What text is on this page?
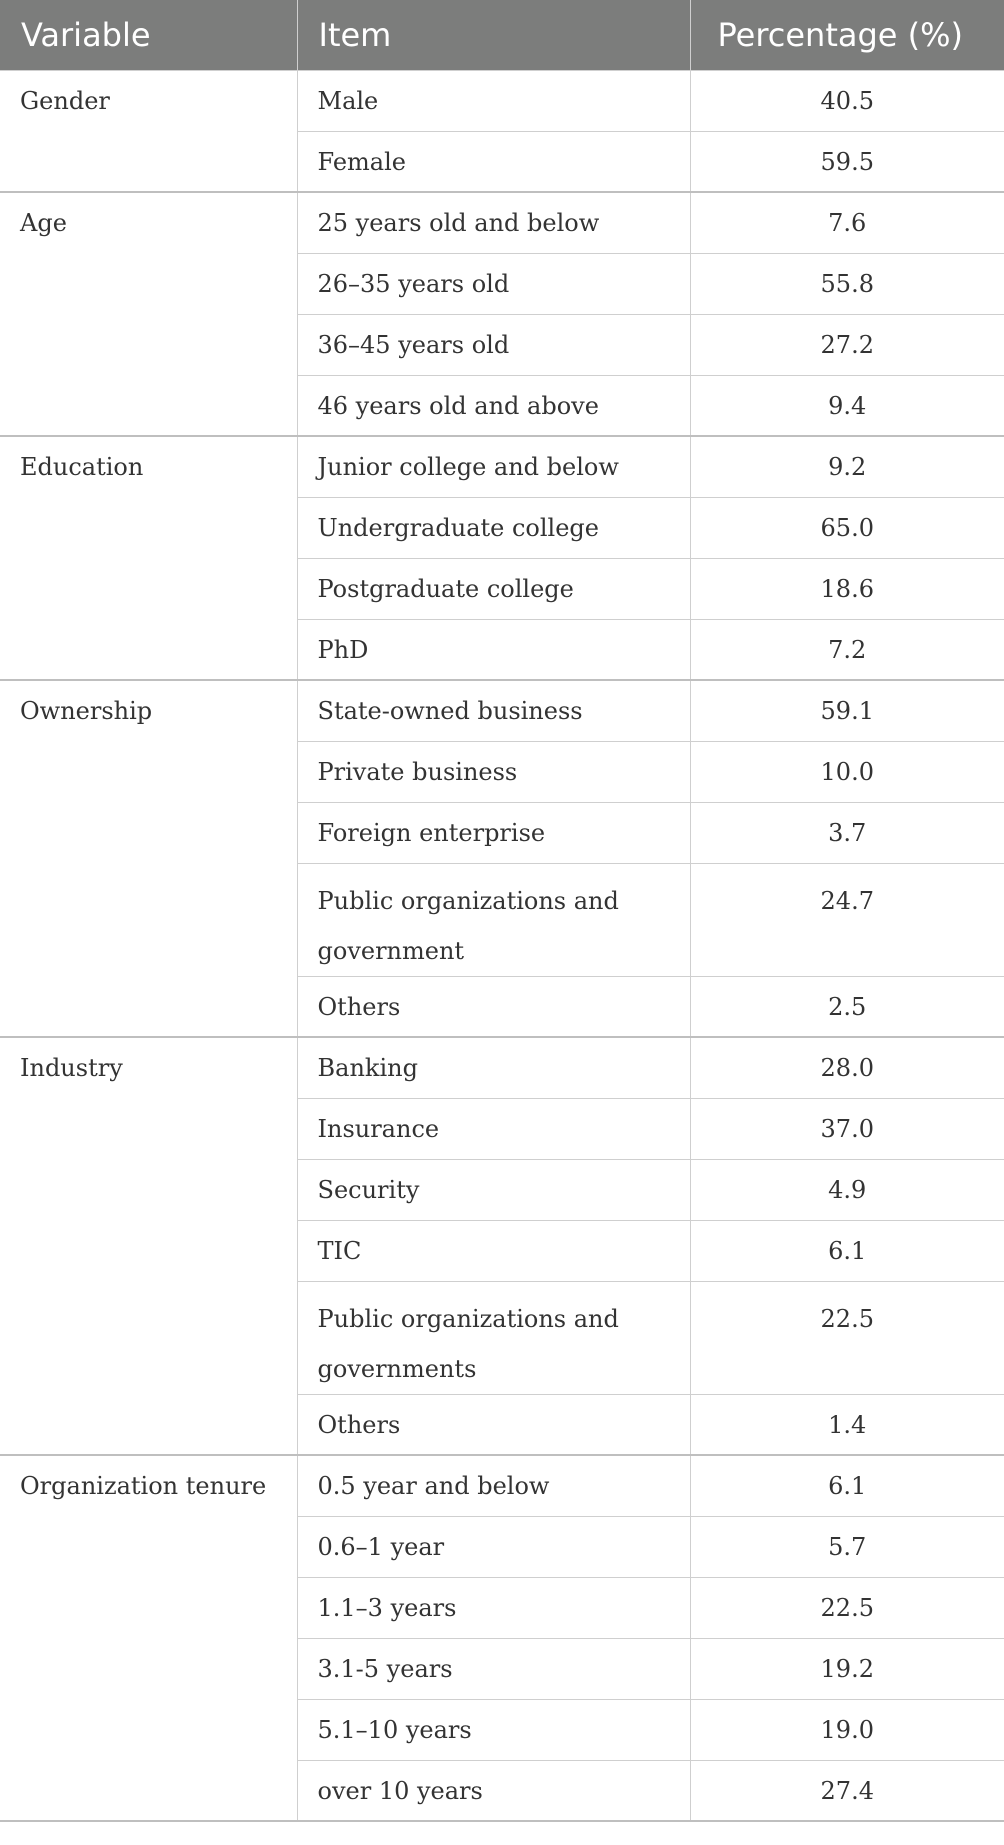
Variable	Item	Percentage (%)
Gender	Male	40.5
	Female	59.5
Age	25 years old and below	7.6
	26–35 years old	55.8
	36–45 years old	27.2
	46 years old and above	9.4
Education	Junior college and below	9.2
	Undergraduate college	65.0
	Postgraduate college	18.6
	PhD	7.2
Ownership	State-owned business	59.1
	Private business	10.0
	Foreign enterprise	3.7
	Public organizations and government	24.7
	Others	2.5
Industry	Banking	28.0
	Insurance	37.0
	Security	4.9
	TIC	6.1
	Public organizations and governments	22.5
	Others	1.4
Organization tenure	0.5 year and below	6.1
	0.6–1 year	5.7
	1.1–3 years	22.5
	3.1-5 years	19.2
	5.1–10 years	19.0
	over 10 years	27.4
